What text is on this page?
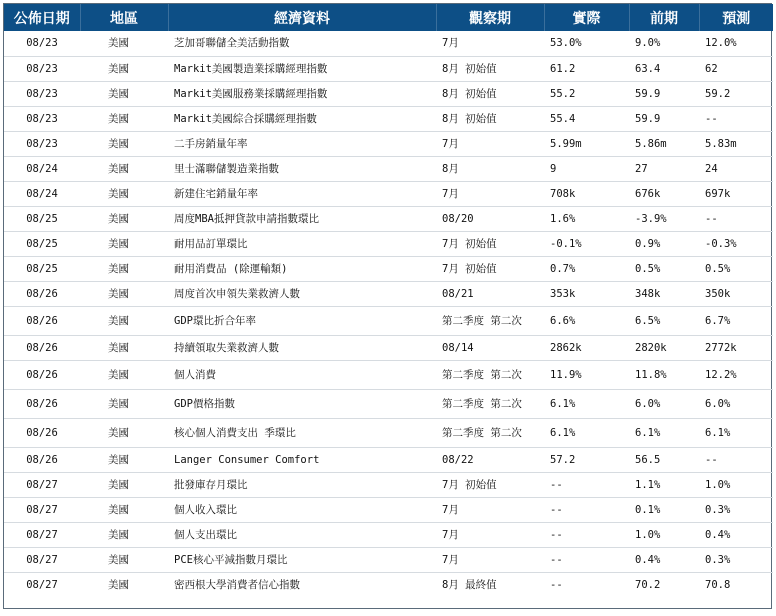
公佈日期	地區	經濟資料	觀察期	實際	前期	預測
08/23	美國	芝加哥聯儲全美活動指數	7月	53.0%	9.0%	12.0%
08/23	美國	Markit美國製造業採購經理指數	8月 初始值	61.2	63.4	62
08/23	美國	Markit美國服務業採購經理指數	8月 初始值	55.2	59.9	59.2
08/23	美國	Markit美國綜合採購經理指數	8月 初始值	55.4	59.9	--
08/23	美國	二手房銷量年率	7月	5.99m	5.86m	5.83m
08/24	美國	里士滿聯儲製造業指數	8月	9	27	24
08/24	美國	新建住宅銷量年率	7月	708k	676k	697k
08/25	美國	周度MBA抵押貸款申請指數環比	08/20	1.6%	-3.9%	--
08/25	美國	耐用品訂單環比	7月 初始值	-0.1%	0.9%	-0.3%
08/25	美國	耐用消費品 (除運輸類)	7月 初始值	0.7%	0.5%	0.5%
08/26	美國	周度首次申領失業救濟人數	08/21	353k	348k	350k
08/26	美國	GDP環比折合年率	第二季度 第二次	6.6%	6.5%	6.7%
08/26	美國	持續領取失業救濟人數	08/14	2862k	2820k	2772k
08/26	美國	個人消費	第二季度 第二次	11.9%	11.8%	12.2%
08/26	美國	GDP價格指數	第二季度 第二次	6.1%	6.0%	6.0%
08/26	美國	核心個人消費支出 季環比	第二季度 第二次	6.1%	6.1%	6.1%
08/26	美國	Langer Consumer Comfort	08/22	57.2	56.5	--
08/27	美國	批發庫存月環比	7月 初始值	--	1.1%	1.0%
08/27	美國	個人收入環比	7月	--	0.1%	0.3%
08/27	美國	個人支出環比	7月	--	1.0%	0.4%
08/27	美國	PCE核心平減指數月環比	7月	--	0.4%	0.3%
08/27	美國	密西根大學消費者信心指數	8月 最終值	--	70.2	70.8
